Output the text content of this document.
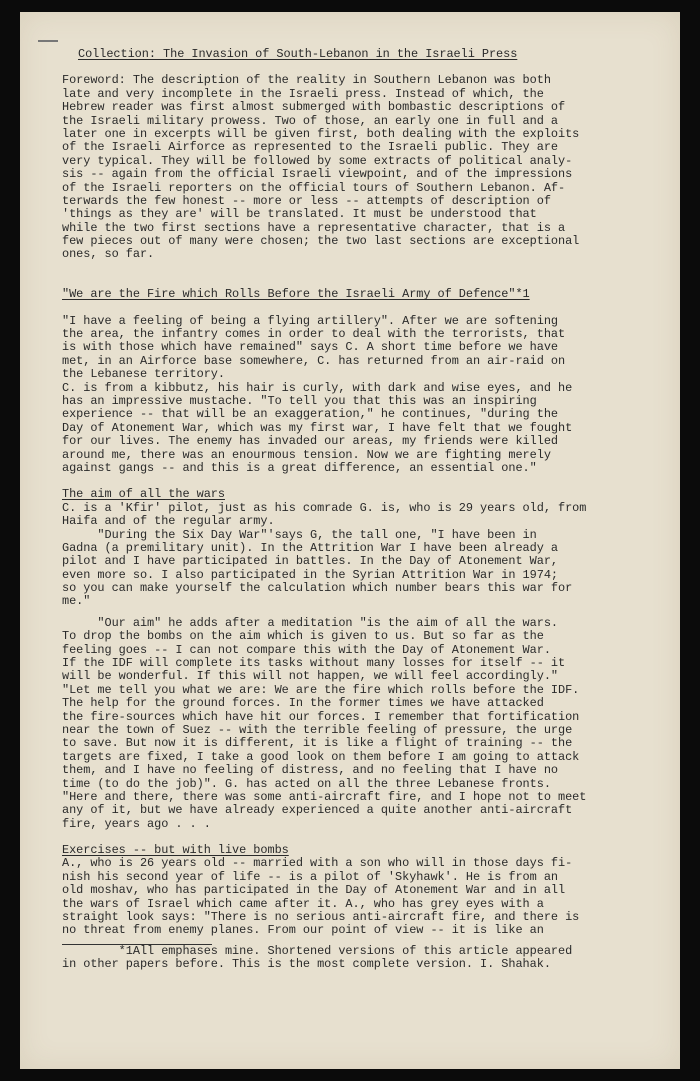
Collection: The Invasion of South-Lebanon in the Israeli Press
Foreword: The description of the reality in Southern Lebanon was both
late and very incomplete in the Israeli press. Instead of which, the
Hebrew reader was first almost submerged with bombastic descriptions of
the Israeli military prowess. Two of those, an early one in full and a
later one in excerpts will be given first, both dealing with the exploits
of the Israeli Airforce as represented to the Israeli public. They are
very typical. They will be followed by some extracts of political analy-
sis -- again from the official Israeli viewpoint, and of the impressions
of the Israeli reporters on the official tours of Southern Lebanon. Af-
terwards the few honest -- more or less -- attempts of description of
'things as they are' will be translated. It must be understood that
while the two first sections have a representative character, that is a
few pieces out of many were chosen; the two last sections are exceptional
ones, so far.

"We are the Fire which Rolls Before the Israeli Army of Defence"*1
"I have a feeling of being a flying artillery". After we are softening
the area, the infantry comes in order to deal with the terrorists, that
is with those which have remained" says C. A short time before we have
met, in an Airforce base somewhere, C. has returned from an air-raid on
the Lebanese territory.
C. is from a kibbutz, his hair is curly, with dark and wise eyes, and he
has an impressive mustache. "To tell you that this was an inspiring
experience -- that will be an exaggeration," he continues, "during the
Day of Atonement War, which was my first war, I have felt that we fought
for our lives. The enemy has invaded our areas, my friends were killed
around me, there was an enourmous tension. Now we are fighting merely
against gangs -- and this is a great difference, an essential one."
The aim of all the wars
C. is a 'Kfir' pilot, just as his comrade G. is, who is 29 years old, from
Haifa and of the regular army.
"During the Six Day War"'says G, the tall one, "I have been in
Gadna (a premilitary unit). In the Attrition War I have been already a
pilot and I have participated in battles. In the Day of Atonement War,
even more so. I also participated in the Syrian Attrition War in 1974;
so you can make yourself the calculation which number bears this war for
me."
"Our aim" he adds after a meditation "is the aim of all the wars.
To drop the bombs on the aim which is given to us. But so far as the
feeling goes -- I can not compare this with the Day of Atonement War.
If the IDF will complete its tasks without many losses for itself -- it
will be wonderful. If this will not happen, we will feel accordingly."
"Let me tell you what we are: We are the fire which rolls before the IDF.
The help for the ground forces. In the former times we have attacked
the fire-sources which have hit our forces. I remember that fortification
near the town of Suez -- with the terrible feeling of pressure, the urge
to save. But now it is different, it is like a flight of training -- the
targets are fixed, I take a good look on them before I am going to attack
them, and I have no feeling of distress, and no feeling that I have no
time (to do the job)". G. has acted on all the three Lebanese fronts.
"Here and there, there was some anti-aircraft fire, and I hope not to meet
any of it, but we have already experienced a quite another anti-aircraft
fire, years ago . . .
Exercises -- but with live bombs
A., who is 26 years old -- married with a son who will in those days fi-
nish his second year of life -- is a pilot of 'Skyhawk'. He is from an
old moshav, who has participated in the Day of Atonement War and in all
the wars of Israel which came after it. A., who has grey eyes with a
straight look says: "There is no serious anti-aircraft fire, and there is
no threat from enemy planes. From our point of view -- it is like an
*1All emphases mine. Shortened versions of this article appeared
in other papers before. This is the most complete version. I. Shahak.
